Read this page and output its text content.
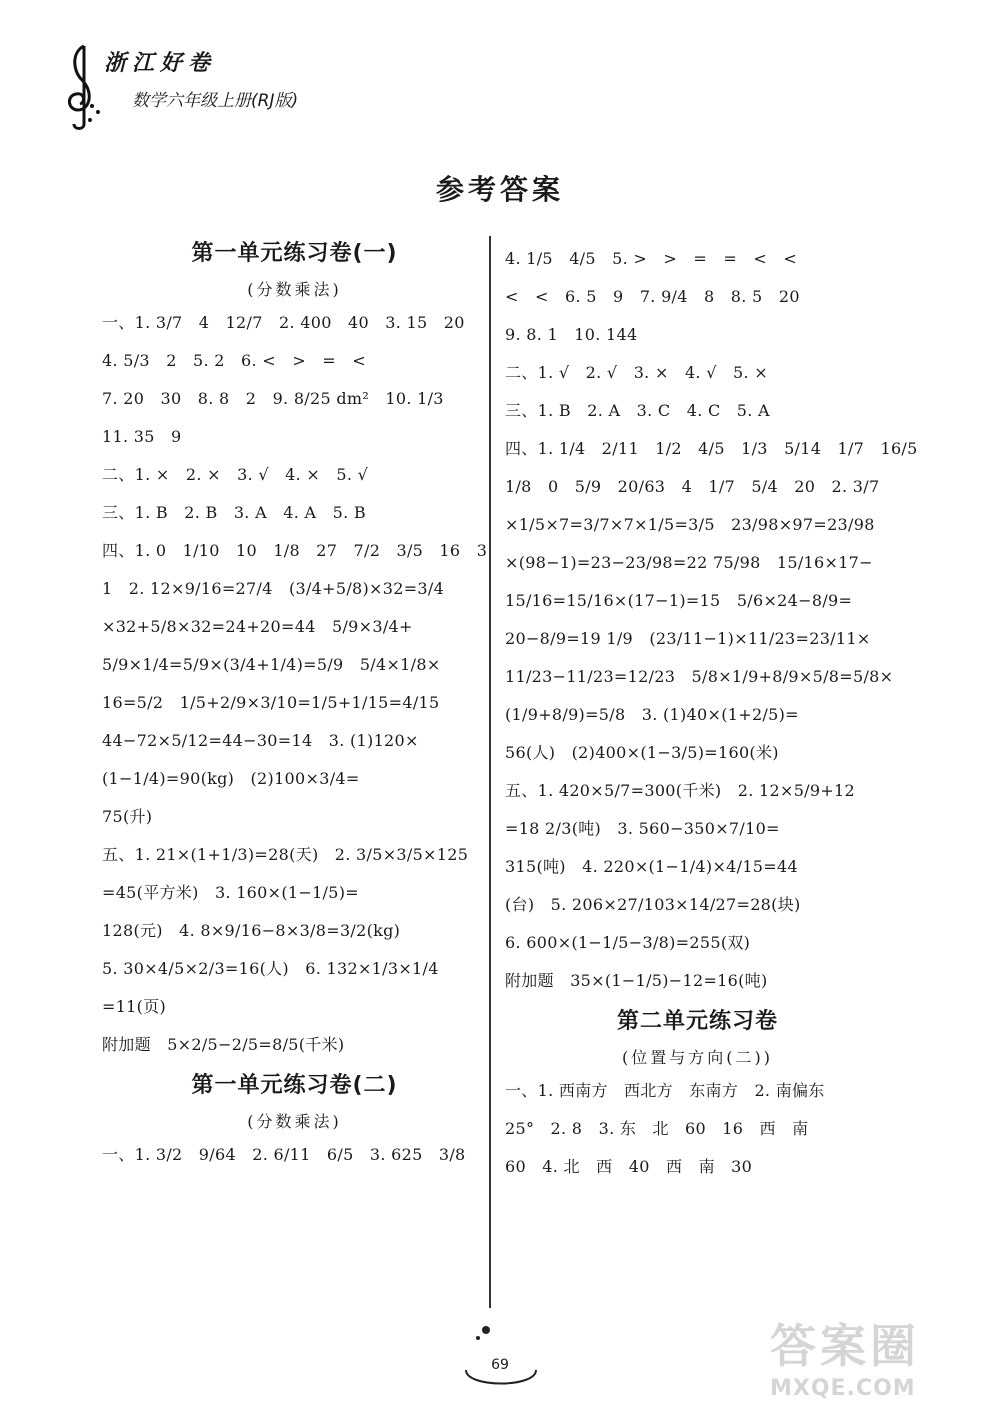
浙江好卷
数学六年级上册(RJ版)
参考答案
第一单元练习卷(一)
(分数乘法)
一、1. 3/7　4　12/7　2. 400　40　3. 15　20
4. 5/3　2　5. 2　6. <　>　=　<
7. 20　30　8. 8　2　9. 8/25 dm²　10. 1/3
11. 35　9
二、1. ×　2. ×　3. √　4. ×　5. √
三、1. B　2. B　3. A　4. A　5. B
四、1. 0　1/10　10　1/8　27　7/2　3/5　16　3
1　2. 12×9/16=27/4　(3/4+5/8)×32=3/4
×32+5/8×32=24+20=44　5/9×3/4+
5/9×1/4=5/9×(3/4+1/4)=5/9　5/4×1/8×
16=5/2　1/5+2/9×3/10=1/5+1/15=4/15
44−72×5/12=44−30=14　3. (1)120×
(1−1/4)=90(kg)　(2)100×3/4=
75(升)
五、1. 21×(1+1/3)=28(天)　2. 3/5×3/5×125
=45(平方米)　3. 160×(1−1/5)=
128(元)　4. 8×9/16−8×3/8=3/2(kg)
5. 30×4/5×2/3=16(人)　6. 132×1/3×1/4
=11(页)
附加题　5×2/5−2/5=8/5(千米)
第一单元练习卷(二)
(分数乘法)
一、1. 3/2　9/64　2. 6/11　6/5　3. 625　3/8
4. 1/5　4/5　5. >　>　=　=　<　<
<　<　6. 5　9　7. 9/4　8　8. 5　20
9. 8. 1　10. 144
二、1. √　2. √　3. ×　4. √　5. ×
三、1. B　2. A　3. C　4. C　5. A
四、1. 1/4　2/11　1/2　4/5　1/3　5/14　1/7　16/5
1/8　0　5/9　20/63　4　1/7　5/4　20　2. 3/7
×1/5×7=3/7×7×1/5=3/5　23/98×97=23/98
×(98−1)=23−23/98=22 75/98　15/16×17−
15/16=15/16×(17−1)=15　5/6×24−8/9=
20−8/9=19 1/9　(23/11−1)×11/23=23/11×
11/23−11/23=12/23　5/8×1/9+8/9×5/8=5/8×
(1/9+8/9)=5/8　3. (1)40×(1+2/5)=
56(人)　(2)400×(1−3/5)=160(米)
五、1. 420×5/7=300(千米)　2. 12×5/9+12
=18 2/3(吨)　3. 560−350×7/10=
315(吨)　4. 220×(1−1/4)×4/15=44
(台)　5. 206×27/103×14/27=28(块)
6. 600×(1−1/5−3/8)=255(双)
附加题　35×(1−1/5)−12=16(吨)
第二单元练习卷
(位置与方向(二))
一、1. 西南方　西北方　东南方　2. 南偏东
25°　2. 8　3. 东　北　60　16　西　南
60　4. 北　西　40　西　南　30
69	答案圈
MXQE.COM
